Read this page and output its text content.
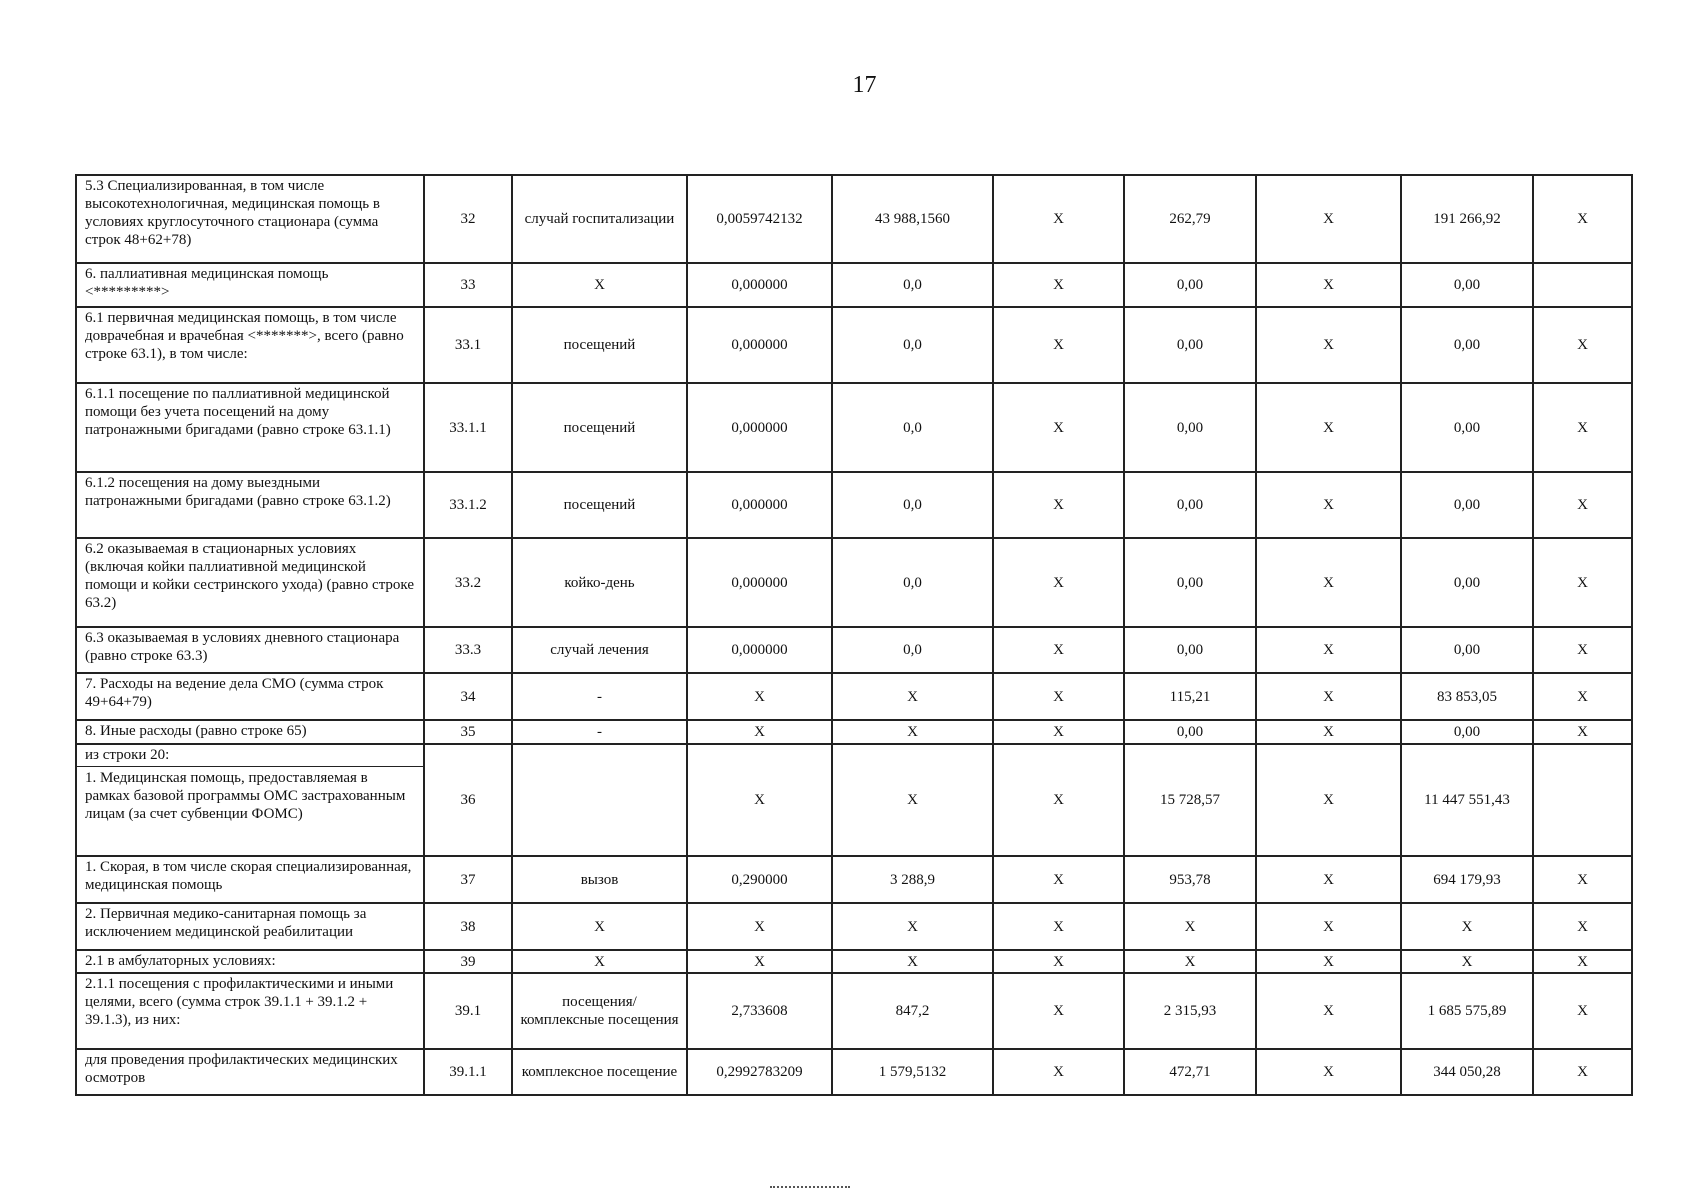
17
5.3 Специализированная, в том числе высокотехнологичная, медицинская помощь в условиях круглосуточного стационара (сумма строк 48+62+78)	32	случай госпитализации	0,0059742132	43 988,1560	X	262,79	X	191 266,92	X
6. паллиативная медицинская помощь <*********>	33	X	0,000000	0,0	X	0,00	X	0,00	
6.1 первичная медицинская помощь, в том числе доврачебная и врачебная <*******>, всего (равно строке 63.1), в том числе:	33.1	посещений	0,000000	0,0	X	0,00	X	0,00	X
6.1.1 посещение по паллиативной медицинской помощи без учета посещений на дому патронажными бригадами (равно строке 63.1.1)	33.1.1	посещений	0,000000	0,0	X	0,00	X	0,00	X
6.1.2 посещения на дому выездными патронажными бригадами (равно строке 63.1.2)	33.1.2	посещений	0,000000	0,0	X	0,00	X	0,00	X
6.2 оказываемая в стационарных условиях (включая койки паллиативной медицинской помощи и койки сестринского ухода) (равно строке 63.2)	33.2	койко-день	0,000000	0,0	X	0,00	X	0,00	X
6.3 оказываемая в условиях дневного стационара (равно строке 63.3)	33.3	случай лечения	0,000000	0,0	X	0,00	X	0,00	X
7. Расходы на ведение дела СМО (сумма строк 49+64+79)	34	-	X	X	X	115,21	X	83 853,05	X
8. Иные расходы (равно строке 65)	35	-	X	X	X	0,00	X	0,00	X

из строки 20:
1. Медицинская помощь, предоставляемая в рамках базовой программы ОМС застрахованным лицам (за счет субвенции ФОМС)	36		X	X	X	15 728,57	X	11 447 551,43	
1. Скорая, в том числе скорая специализированная, медицинская помощь	37	вызов	0,290000	3 288,9	X	953,78	X	694 179,93	X
2. Первичная медико-санитарная помощь за исключением медицинской реабилитации	38	X	X	X	X	X	X	X	X
2.1 в амбулаторных условиях:	39	X	X	X	X	X	X	X	X
2.1.1 посещения с профилактическими и иными целями, всего (сумма строк 39.1.1 + 39.1.2 + 39.1.3), из них:	39.1	посещения/ комплексные посещения	2,733608	847,2	X	2 315,93	X	1 685 575,89	X
для проведения профилактических медицинских осмотров	39.1.1	комплексное посещение	0,2992783209	1 579,5132	X	472,71	X	344 050,28	X
